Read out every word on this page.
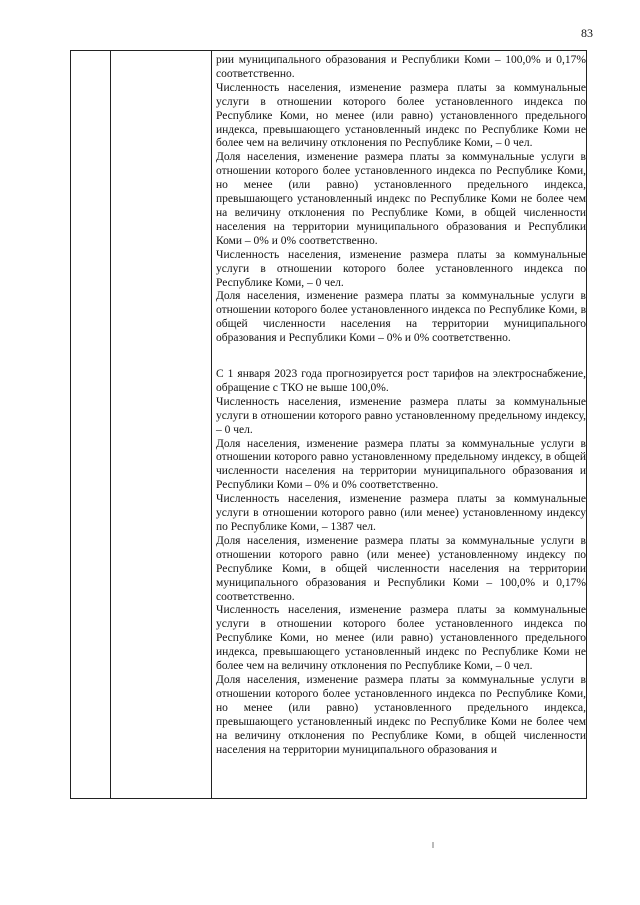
83

рии муниципального образования и Республики Коми – 100,0% и 0,17% соответственно.

Численность населения, изменение размера платы за коммунальные услуги в отношении которого более установленного индекса по Республике Коми, но менее (или равно) установленного предельного индекса, превышающего установленный индекс по Республике Коми не более чем на величину отклонения по Республике Коми, – 0 чел.

Доля населения, изменение размера платы за коммунальные услуги в отношении которого более установленного индекса по Республике Коми, но менее (или равно) установленного предельного индекса, превышающего установленный индекс по Республике Коми не более чем на величину отклонения по Республике Коми, в общей численности населения на территории муниципального образования и Республики Коми – 0% и 0% соответственно.

Численность населения, изменение размера платы за коммунальные услуги в отношении которого более установленного индекса по Республике Коми, – 0 чел.

Доля населения, изменение размера платы за коммунальные услуги в отношении которого более установленного индекса по Республике Коми, в общей численности населения на территории муниципального образования и Республики Коми – 0% и 0% соответственно.

С 1 января 2023 года прогнозируется рост тарифов на электроснабжение, обращение с ТКО не выше 100,0%.

Численность населения, изменение размера платы за коммунальные услуги в отношении которого равно установленному предельному индексу, – 0 чел.

Доля населения, изменение размера платы за коммунальные услуги в отношении которого равно установленному предельному индексу, в общей численности населения на территории муниципального образования и Республики Коми – 0% и 0% соответственно.

Численность населения, изменение размера платы за коммунальные услуги в отношении которого равно (или менее) установленному индексу по Республике Коми, – 1387 чел.

Доля населения, изменение размера платы за коммунальные услуги в отношении которого равно (или менее) установленному индексу по Республике Коми, в общей численности населения на территории муниципального образования и Республики Коми – 100,0% и 0,17% соответственно.

Численность населения, изменение размера платы за коммунальные услуги в отношении которого более установленного индекса по Республике Коми, но менее (или равно) установленного предельного индекса, превышающего установленный индекс по Республике Коми не более чем на величину отклонения по Республике Коми, – 0 чел.

Доля населения, изменение размера платы за коммунальные услуги в отношении которого более установленного индекса по Республике Коми, но менее (или равно) установленного предельного индекса, превышающего установленный индекс по Республике Коми не более чем на величину отклонения по Республике Коми, в общей численности населения на территории муниципального образования и
